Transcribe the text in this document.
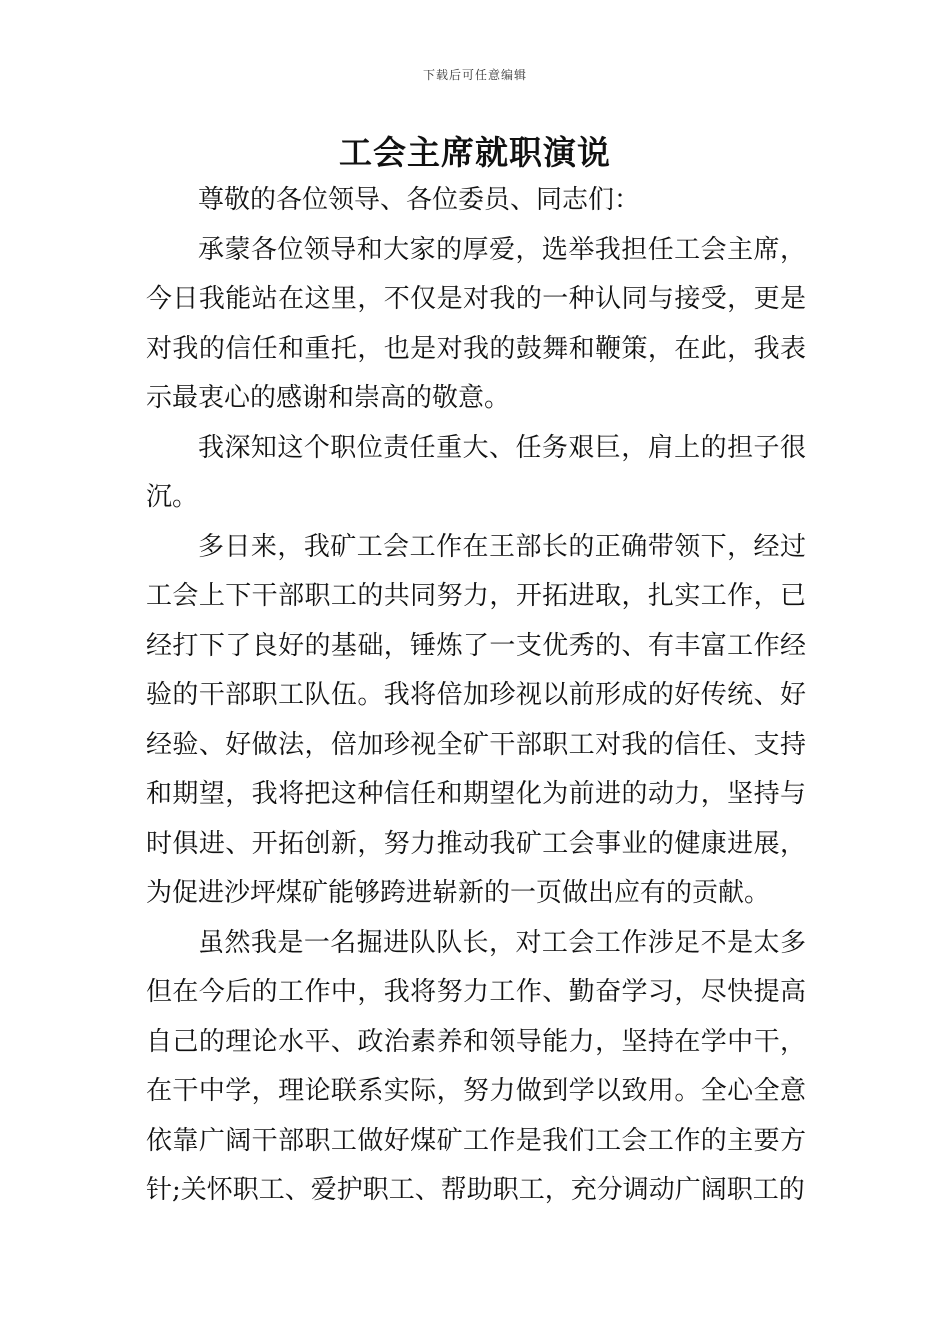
下载后可任意编辑
工会主席就职演说

尊敬的各位领导、各位委员、同志们：

承蒙各位领导和大家的厚爱，选举我担任工会主席，今日我能站在这里，不仅是对我的一种认同与接受，更是对我的信任和重托，也是对我的鼓舞和鞭策，在此，我表示最衷心的感谢和崇高的敬意。

我深知这个职位责任重大、任务艰巨，肩上的担子很沉。

多日来，我矿工会工作在王部长的正确带领下，经过工会上下干部职工的共同努力，开拓进取，扎实工作，已经打下了良好的基础，锤炼了一支优秀的、有丰富工作经验的干部职工队伍。我将倍加珍视以前形成的好传统、好经验、好做法，倍加珍视全矿干部职工对我的信任、支持和期望，我将把这种信任和期望化为前进的动力，坚持与时俱进、开拓创新，努力推动我矿工会事业的健康进展，为促进沙坪煤矿能够跨进崭新的一页做出应有的贡献。

虽然我是一名掘进队队长，对工会工作涉足不是太多但在今后的工作中，我将努力工作、勤奋学习，尽快提高自己的理论水平、政治素养和领导能力，坚持在学中干，在干中学，理论联系实际，努力做到学以致用。全心全意依靠广阔干部职工做好煤矿工作是我们工会工作的主要方针;关怀职工、爱护职工、帮助职工，充分调动广阔职工的
